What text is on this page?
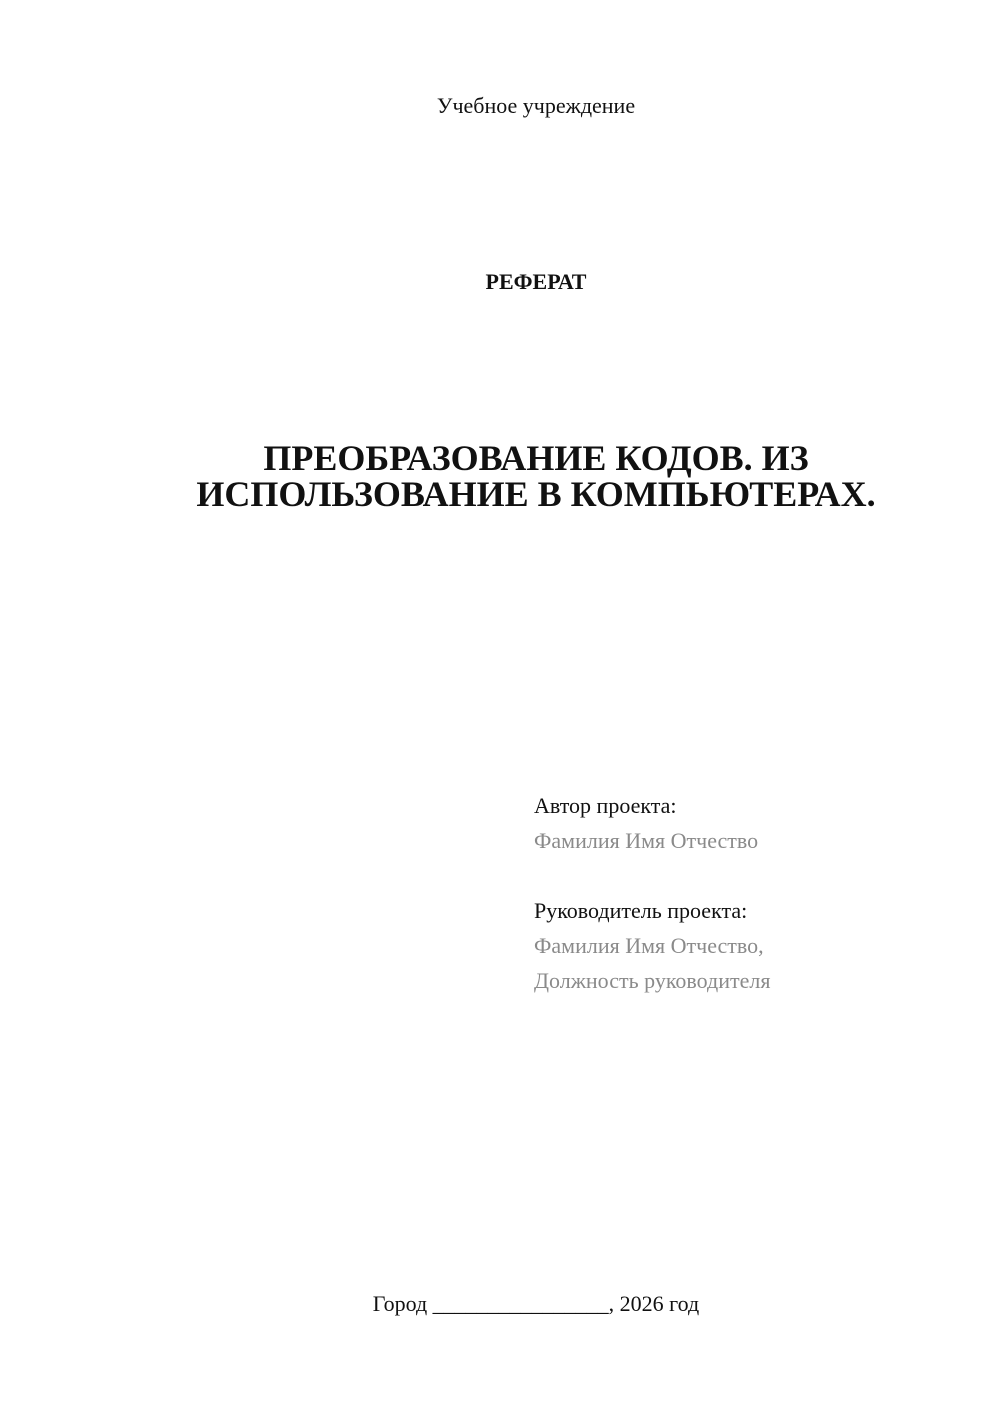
Учебное учреждение
РЕФЕРАТ
ПРЕОБРАЗОВАНИЕ КОДОВ. ИЗ
ИСПОЛЬЗОВАНИЕ В КОМПЬЮТЕРАХ.
Автор проекта:
Фамилия Имя Отчество
Руководитель проекта:
Фамилия Имя Отчество,
Должность руководителя
Город ________________, 2026 год
